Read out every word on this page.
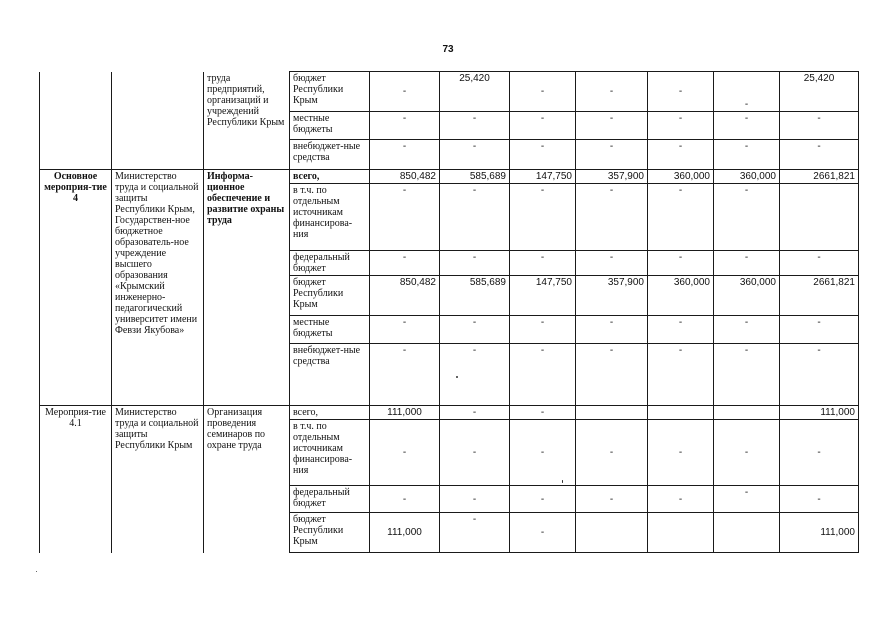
73
		труда предприятий, организаций и учреждений Республики Крым	бюджет Республики Крым	-	25,420	-	-	-	-	25,420
			местные бюджеты	-	-	-	-	-	-	-
			внебюджет-ные средства	-	-	-	-	-	-	-
Основное мероприя-тие 4	Министерство труда и социальной защиты Республики Крым, Государствен-ное бюджетное образователь-ное учреждение высшего образования «Крымский инженерно-педагогический университет имени Февзи Якубова»	Информа-ционное обеспечение и развитие охраны труда	всего,	850,482	585,689	147,750	357,900	360,000	360,000	2661,821
			в т.ч. по отдельным источникам финансирова-ния	-	-	-	-	-	-	
			федеральный бюджет	-	-	-	-	-	-	-
			бюджет Республики Крым	850,482	585,689	147,750	357,900	360,000	360,000	2661,821
			местные бюджеты	-	-	-	-	-	-	-
			внебюджет-ные средства	-	-	-	-	-	-	-
Мероприя-тие 4.1	Министерство труда и социальной защиты Республики Крым	Организация проведения семинаров по охране труда	всего,	111,000	-	-				111,000
			в т.ч. по отдельным источникам финансирова-ния	-	-	-	-	-	-	-
			федеральный бюджет	-	-	-	-	-	-	-
			бюджет Республики Крым	111,000	-	-				111,000
